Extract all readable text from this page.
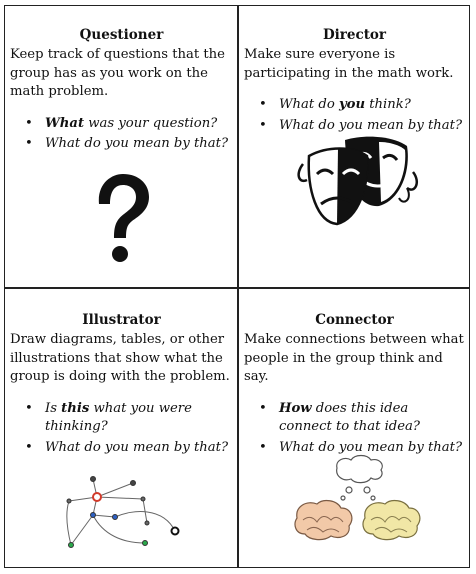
Questioner
Keep track of questions that the group has as you work on the math problem.
• What was your question?
• What do you mean by that?
Director
Make sure everyone is participating in the math work.
• What do you think?
• What do you mean by that?
Illustrator
Draw diagrams, tables, or other illustrations that show what the group is doing with the problem.
• Is this what you were thinking?
• What do you mean by that?
Connector
Make connections between what people in the group think and say.
• How does this idea connect to that idea?
• What do you mean by that?
